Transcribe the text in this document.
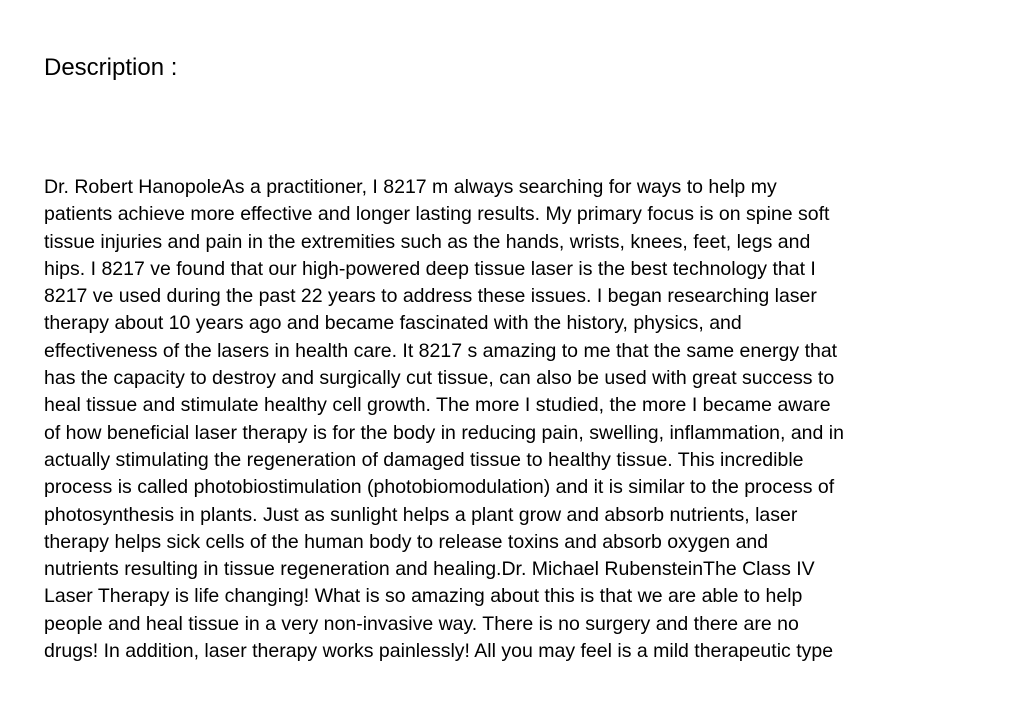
Description :
Dr. Robert HanopoleAs a practitioner, I 8217 m always searching for ways to help my
patients achieve more effective and longer lasting results. My primary focus is on spine soft
tissue injuries and pain in the extremities such as the hands, wrists, knees, feet, legs and
hips. I 8217 ve found that our high-powered deep tissue laser is the best technology that I
8217 ve used during the past 22 years to address these issues. I began researching laser
therapy about 10 years ago and became fascinated with the history, physics, and
effectiveness of the lasers in health care. It 8217 s amazing to me that the same energy that
has the capacity to destroy and surgically cut tissue, can also be used with great success to
heal tissue and stimulate healthy cell growth. The more I studied, the more I became aware
of how beneficial laser therapy is for the body in reducing pain, swelling, inflammation, and in
actually stimulating the regeneration of damaged tissue to healthy tissue. This incredible
process is called photobiostimulation (photobiomodulation) and it is similar to the process of
photosynthesis in plants. Just as sunlight helps a plant grow and absorb nutrients, laser
therapy helps sick cells of the human body to release toxins and absorb oxygen and
nutrients resulting in tissue regeneration and healing.Dr. Michael RubensteinThe Class IV
Laser Therapy is life changing! What is so amazing about this is that we are able to help
people and heal tissue in a very non-invasive way. There is no surgery and there are no
drugs! In addition, laser therapy works painlessly! All you may feel is a mild therapeutic type
